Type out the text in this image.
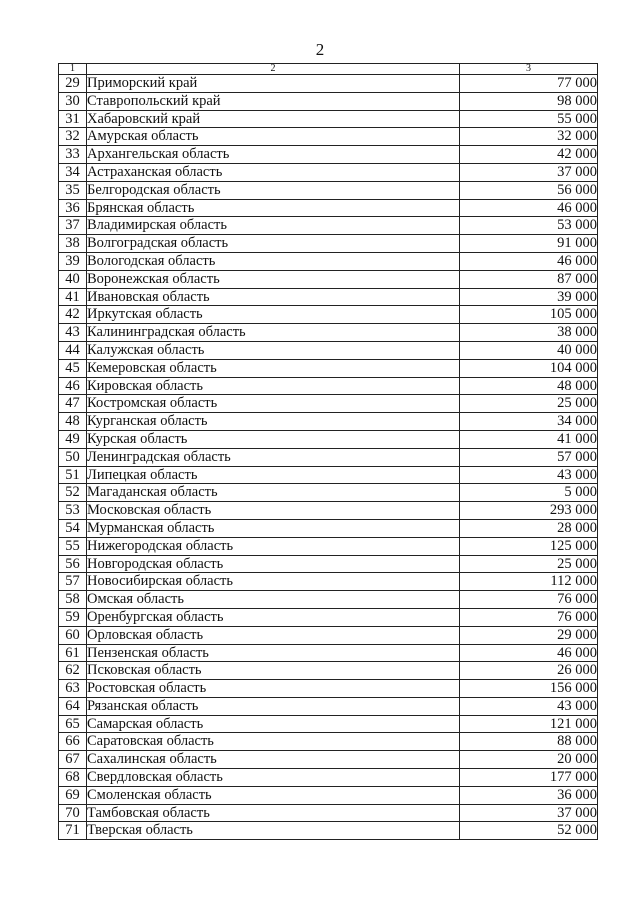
2
1	2	3
29	Приморский край	77 000
30	Ставропольский край	98 000
31	Хабаровский край	55 000
32	Амурская область	32 000
33	Архангельская область	42 000
34	Астраханская область	37 000
35	Белгородская область	56 000
36	Брянская область	46 000
37	Владимирская область	53 000
38	Волгоградская область	91 000
39	Вологодская область	46 000
40	Воронежская область	87 000
41	Ивановская область	39 000
42	Иркутская область	105 000
43	Калининградская область	38 000
44	Калужская область	40 000
45	Кемеровская область	104 000
46	Кировская область	48 000
47	Костромская область	25 000
48	Курганская область	34 000
49	Курская область	41 000
50	Ленинградская область	57 000
51	Липецкая область	43 000
52	Магаданская область	5 000
53	Московская область	293 000
54	Мурманская область	28 000
55	Нижегородская область	125 000
56	Новгородская область	25 000
57	Новосибирская область	112 000
58	Омская область	76 000
59	Оренбургская область	76 000
60	Орловская область	29 000
61	Пензенская область	46 000
62	Псковская область	26 000
63	Ростовская область	156 000
64	Рязанская область	43 000
65	Самарская область	121 000
66	Саратовская область	88 000
67	Сахалинская область	20 000
68	Свердловская область	177 000
69	Смоленская область	36 000
70	Тамбовская область	37 000
71	Тверская область	52 000
